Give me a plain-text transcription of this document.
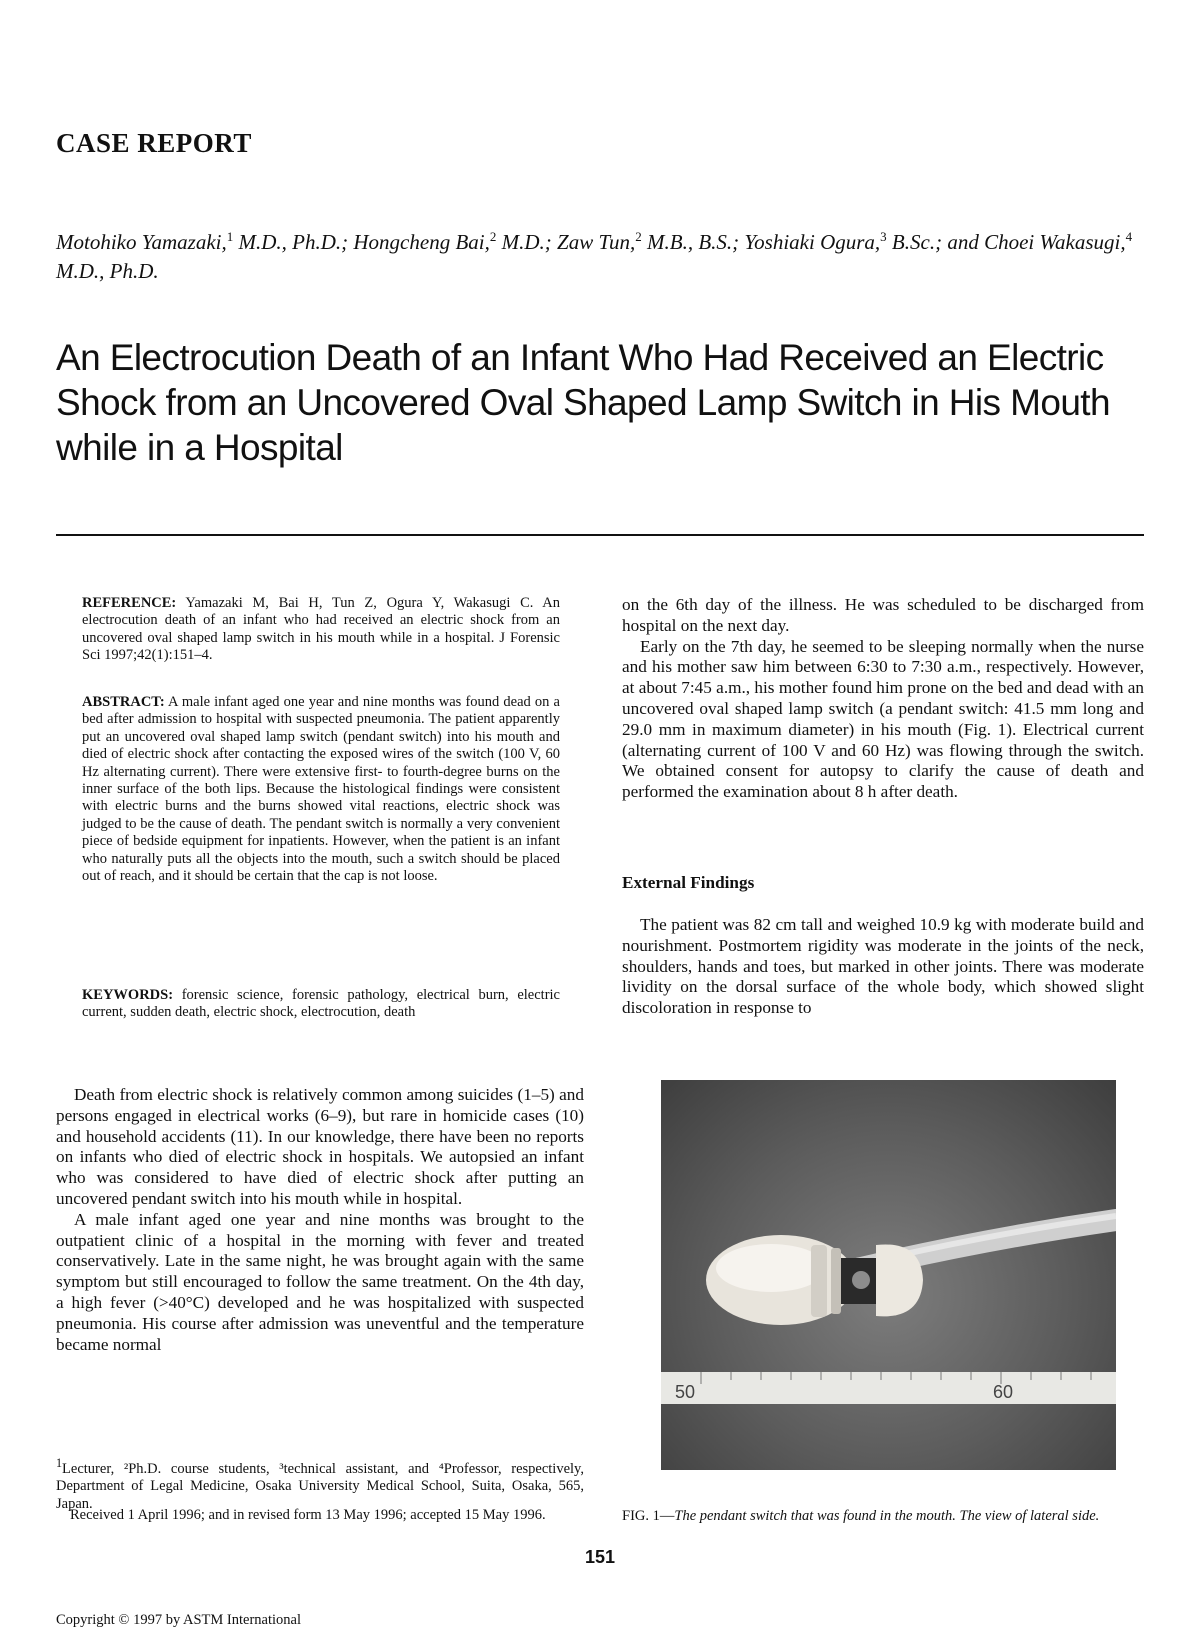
CASE REPORT
Motohiko Yamazaki,$^1$ M.D., Ph.D.; Hongcheng Bai,$^2$ M.D.; Zaw Tun,$^2$ M.B., B.S.; Yoshiaki Ogura,$^3$ B.Sc.; and Choei Wakasugi,$^4$ M.D., Ph.D.
An Electrocution Death of an Infant Who Had Received an Electric Shock from an Uncovered Oval Shaped Lamp Switch in His Mouth while in a Hospital
REFERENCE: Yamazaki M, Bai H, Tun Z, Ogura Y, Wakasugi C. An electrocution death of an infant who had received an electric shock from an uncovered oval shaped lamp switch in his mouth while in a hospital. J Forensic Sci 1997;42(1):151–4.
ABSTRACT: A male infant aged one year and nine months was found dead on a bed after admission to hospital with suspected pneumonia. The patient apparently put an uncovered oval shaped lamp switch (pendant switch) into his mouth and died of electric shock after contacting the exposed wires of the switch (100 V, 60 Hz alternating current). There were extensive first- to fourth-degree burns on the inner surface of the both lips. Because the histological findings were consistent with electric burns and the burns showed vital reactions, electric shock was judged to be the cause of death. The pendant switch is normally a very convenient piece of bedside equipment for inpatients. However, when the patient is an infant who naturally puts all the objects into the mouth, such a switch should be placed out of reach, and it should be certain that the cap is not loose.
KEYWORDS: forensic science, forensic pathology, electrical burn, electric current, sudden death, electric shock, electrocution, death

on the 6th day of the illness. He was scheduled to be discharged from hospital on the next day.

Early on the 7th day, he seemed to be sleeping normally when the nurse and his mother saw him between 6:30 to 7:30 a.m., respectively. However, at about 7:45 a.m., his mother found him prone on the bed and dead with an uncovered oval shaped lamp switch (a pendant switch: 41.5 mm long and 29.0 mm in maximum diameter) in his mouth (Fig. 1). Electrical current (alternating current of 100 V and 60 Hz) was flowing through the switch. We obtained consent for autopsy to clarify the cause of death and performed the examination about 8 h after death.

External Findings

The patient was 82 cm tall and weighed 10.9 kg with moderate build and nourishment. Postmortem rigidity was moderate in the joints of the neck, shoulders, hands and toes, but marked in other joints. There was moderate lividity on the dorsal surface of the whole body, which showed slight discoloration in response to

Death from electric shock is relatively common among suicides (1–5) and persons engaged in electrical works (6–9), but rare in homicide cases (10) and household accidents (11). In our knowledge, there have been no reports on infants who died of electric shock in hospitals. We autopsied an infant who was considered to have died of electric shock after putting an uncovered pendant switch into his mouth while in hospital.

A male infant aged one year and nine months was brought to the outpatient clinic of a hospital in the morning with fever and treated conservatively. Late in the same night, he was brought again with the same symptom but still encouraged to follow the same treatment. On the 4th day, a high fever (>40°C) developed and he was hospitalized with suspected pneumonia. His course after admission was uneventful and the temperature became normal

50	60
$^1$Lecturer, ²Ph.D. course students, ³technical assistant, and ⁴Professor, respectively, Department of Legal Medicine, Osaka University Medical School, Suita, Osaka, 565, Japan.
Received 1 April 1996; and in revised form 13 May 1996; accepted 15 May 1996.	FIG. 1—The pendant switch that was found in the mouth. The view of lateral side.
151
Copyright © 1997 by ASTM International
